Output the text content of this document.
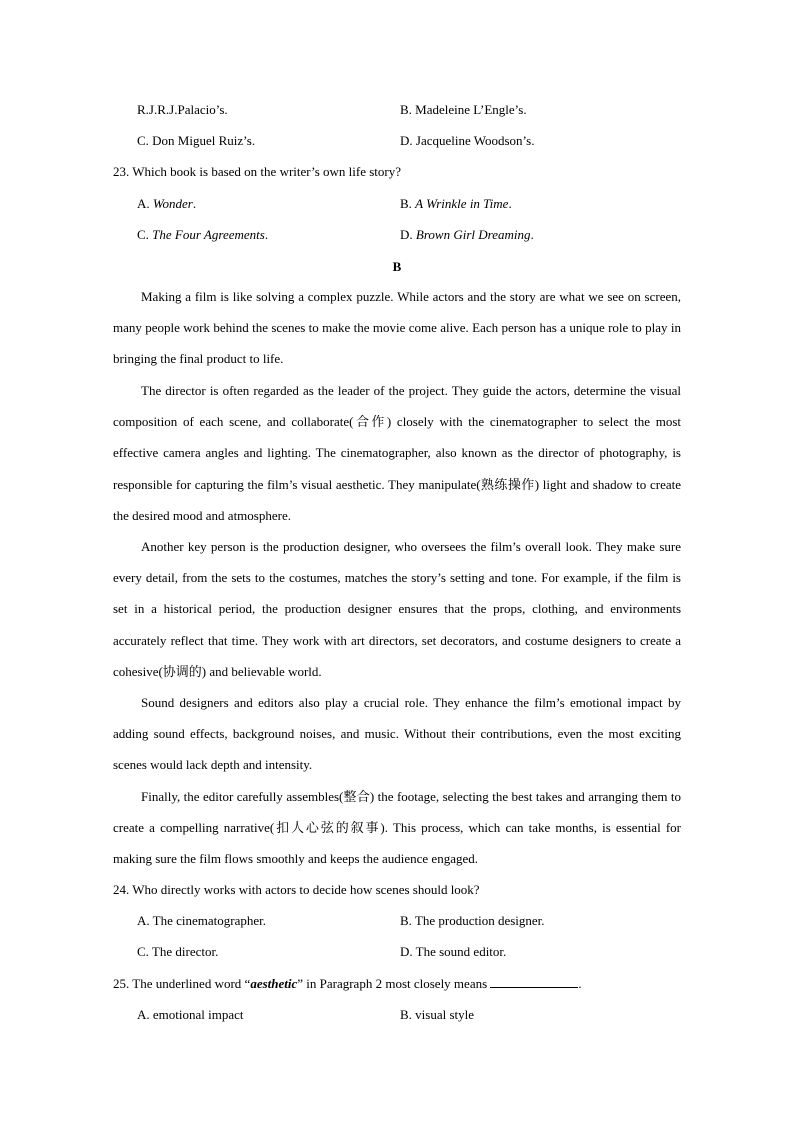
R.J.R.J.Palacio’s.	B. Madeleine L’Engle’s.
C. Don Miguel Ruiz’s.	D. Jacqueline Woodson’s.
23. Which book is based on the writer’s own life story?
A. Wonder.	B. A Wrinkle in Time.
C. The Four Agreements.	D. Brown Girl Dreaming.
B
Making a film is like solving a complex puzzle. While actors and the story are what we see on screen, many people work behind the scenes to make the movie come alive. Each person has a unique role to play in bringing the final product to life.
The director is often regarded as the leader of the project. They guide the actors, determine the visual composition of each scene, and collaborate(合作) closely with the cinematographer to select the most effective camera angles and lighting. The cinematographer, also known as the director of photography, is responsible for capturing the film’s visual aesthetic. They manipulate(熟练操作) light and shadow to create the desired mood and atmosphere.
Another key person is the production designer, who oversees the film’s overall look. They make sure every detail, from the sets to the costumes, matches the story’s setting and tone. For example, if the film is set in a historical period, the production designer ensures that the props, clothing, and environments accurately reflect that time. They work with art directors, set decorators, and costume designers to create a cohesive(协调的) and believable world.
Sound designers and editors also play a crucial role. They enhance the film’s emotional impact by adding sound effects, background noises, and music. Without their contributions, even the most exciting scenes would lack depth and intensity.
Finally, the editor carefully assembles(整合) the footage, selecting the best takes and arranging them to create a compelling narrative(扣人心弦的叙事). This process, which can take months, is essential for making sure the film flows smoothly and keeps the audience engaged.
24. Who directly works with actors to decide how scenes should look?
A. The cinematographer.	B. The production designer.
C. The director.	D. The sound editor.
25. The underlined word “aesthetic” in Paragraph 2 most closely means	.
A. emotional impact	B. visual style
